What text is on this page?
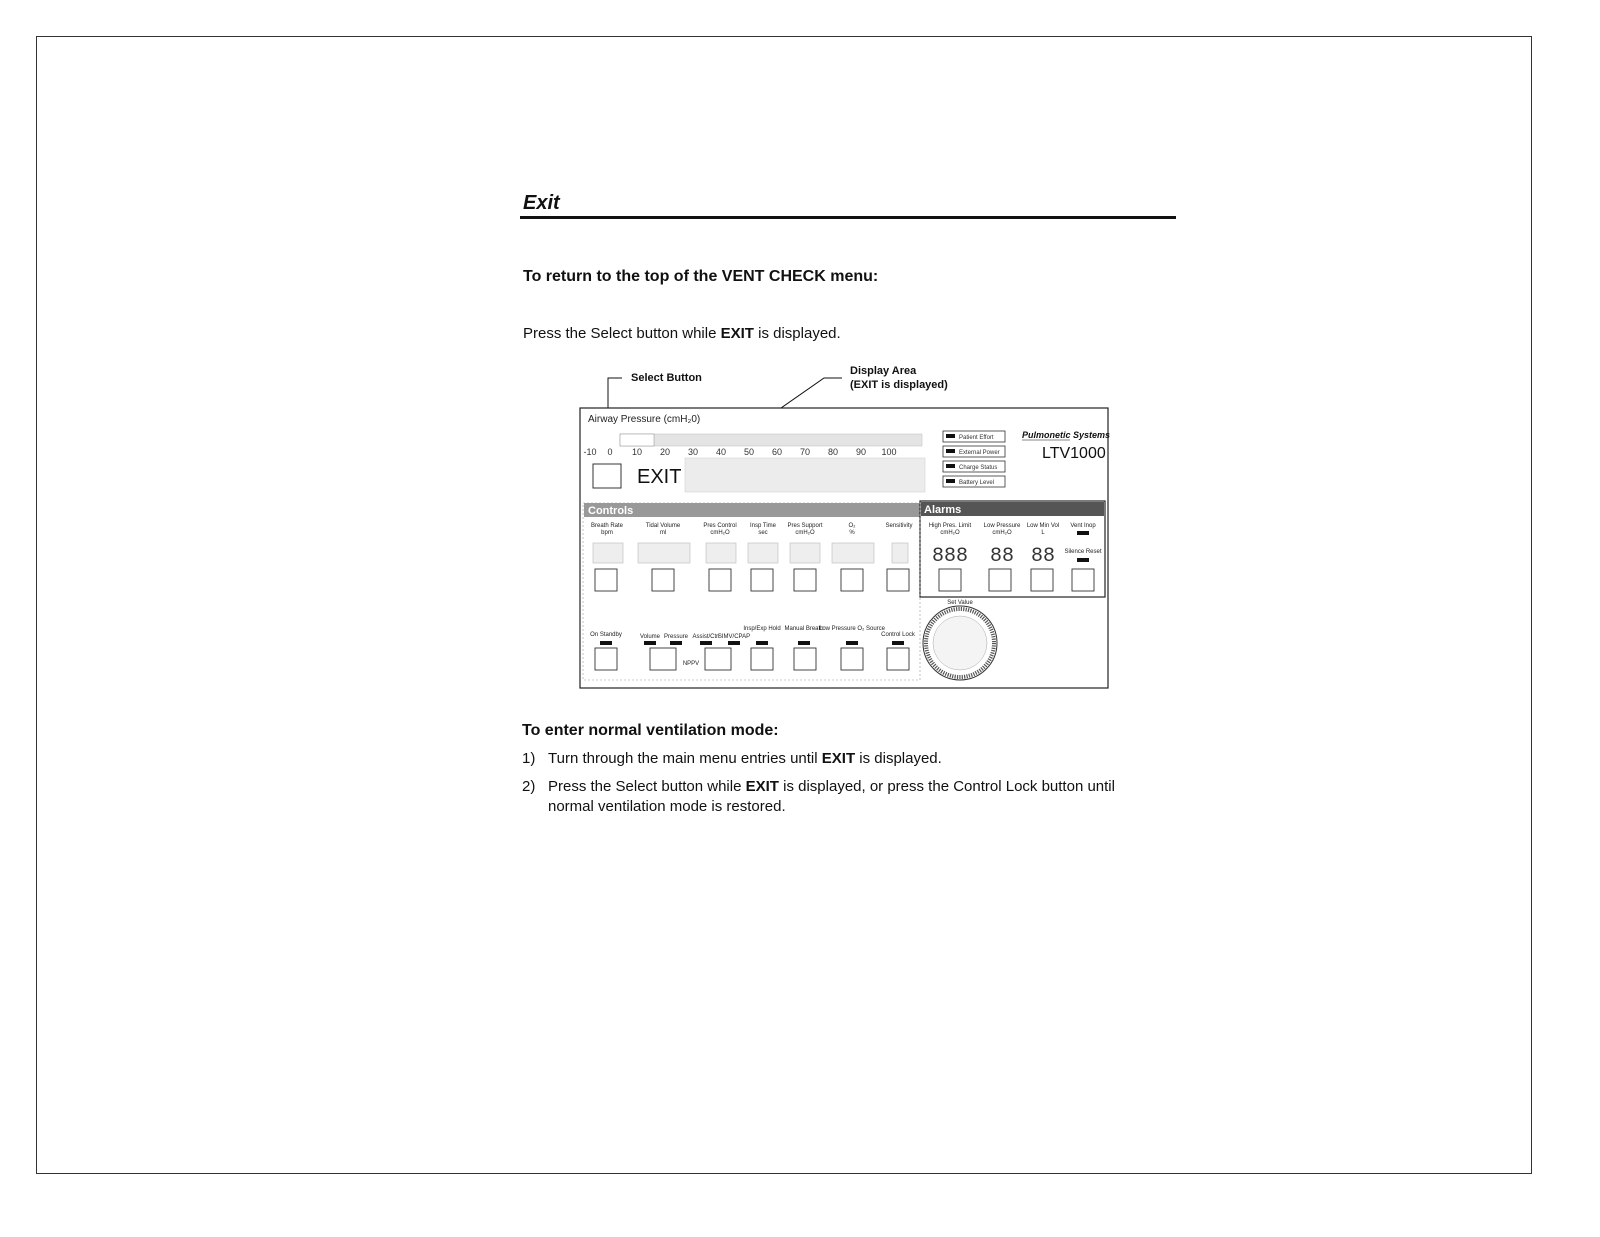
Exit
To return to the top of the VENT CHECK menu:
Press the Select button while EXIT is displayed.
Airway Pressure (cmH₂0)
-10 0 10 20 30 40 50 60 70 80 90 100
EXIT
Patient Effort
External Power
Charge Status
Battery Level
Pulmonetic Systems
LTV1000
Controls	Alarms
Breath Rate
bpm
Tidal Volume
ml
Pres Control
cmH₂O
Insp Time
sec
Pres Support
cmH₂O
O₂
%
Sensitivity	High Pres. Limit
cmH₂O
Low Pressure
cmH₂O
Low Min Vol
L
Vent Inop
Silence Reset
888 88 88
On Standby	Volume Pressure Assist/Ctrl
SIMV/CPAP
NPPV
Insp/Exp Hold Manual Breath
Low Pressure O₂ Source
Control Lock
Set Value
Select Button
Display Area
(EXIT is displayed)
To enter normal ventilation mode:
1) Turn through the main menu entries until EXIT is displayed.
2) Press the Select button while EXIT is displayed, or press the Control Lock button until normal ventilation mode is restored.
